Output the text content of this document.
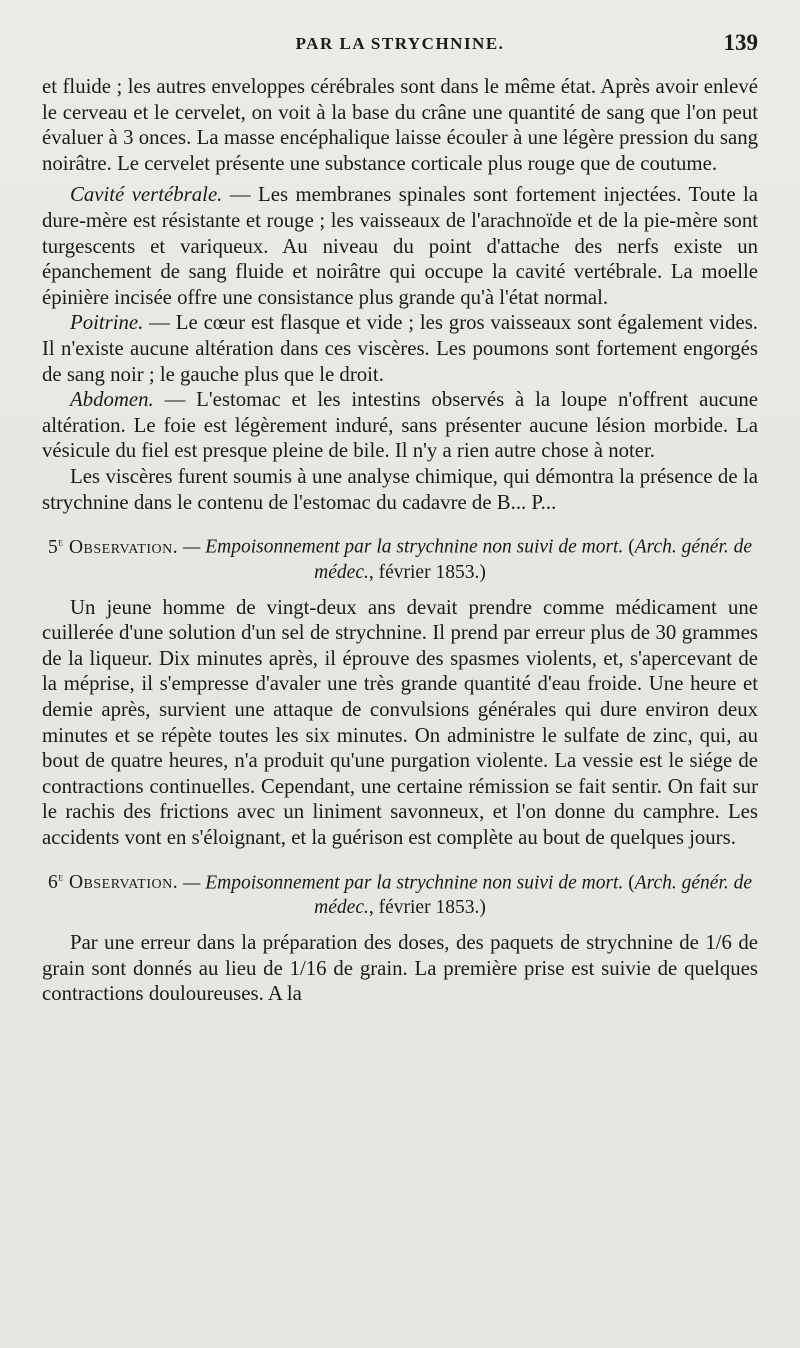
PAR LA STRYCHNINE.	139

et fluide ; les autres enveloppes cérébrales sont dans le même état. Après avoir enlevé le cerveau et le cervelet, on voit à la base du crâne une quantité de sang que l'on peut évaluer à 3 onces. La masse encéphalique laisse écouler à une légère pression du sang noirâtre. Le cervelet présente une substance corticale plus rouge que de coutume.

Cavité vertébrale. — Les membranes spinales sont fortement injectées. Toute la dure-mère est résistante et rouge ; les vaisseaux de l'arachnoïde et de la pie-mère sont turgescents et variqueux. Au niveau du point d'attache des nerfs existe un épanchement de sang fluide et noirâtre qui occupe la cavité vertébrale. La moelle épinière incisée offre une consistance plus grande qu'à l'état normal.

Poitrine. — Le cœur est flasque et vide ; les gros vaisseaux sont également vides. Il n'existe aucune altération dans ces viscères. Les poumons sont fortement engorgés de sang noir ; le gauche plus que le droit.

Abdomen. — L'estomac et les intestins observés à la loupe n'offrent aucune altération. Le foie est légèrement induré, sans présenter aucune lésion morbide. La vésicule du fiel est presque pleine de bile. Il n'y a rien autre chose à noter.

Les viscères furent soumis à une analyse chimique, qui démontra la présence de la strychnine dans le contenu de l'estomac du cadavre de B... P...

5e Observation. — Empoisonnement par la strychnine non suivi de mort. (Arch. génér. de médec., février 1853.)

Un jeune homme de vingt-deux ans devait prendre comme médicament une cuillerée d'une solution d'un sel de strychnine. Il prend par erreur plus de 30 grammes de la liqueur. Dix minutes après, il éprouve des spasmes violents, et, s'apercevant de la méprise, il s'empresse d'avaler une très grande quantité d'eau froide. Une heure et demie après, survient une attaque de convulsions générales qui dure environ deux minutes et se répète toutes les six minutes. On administre le sulfate de zinc, qui, au bout de quatre heures, n'a produit qu'une purgation violente. La vessie est le siége de contractions continuelles. Cependant, une certaine rémission se fait sentir. On fait sur le rachis des frictions avec un liniment savonneux, et l'on donne du camphre. Les accidents vont en s'éloignant, et la guérison est complète au bout de quelques jours.

6e Observation. — Empoisonnement par la strychnine non suivi de mort. (Arch. génér. de médec., février 1853.)

Par une erreur dans la préparation des doses, des paquets de strychnine de 1/6 de grain sont donnés au lieu de 1/16 de grain. La première prise est suivie de quelques contractions douloureuses. A la
